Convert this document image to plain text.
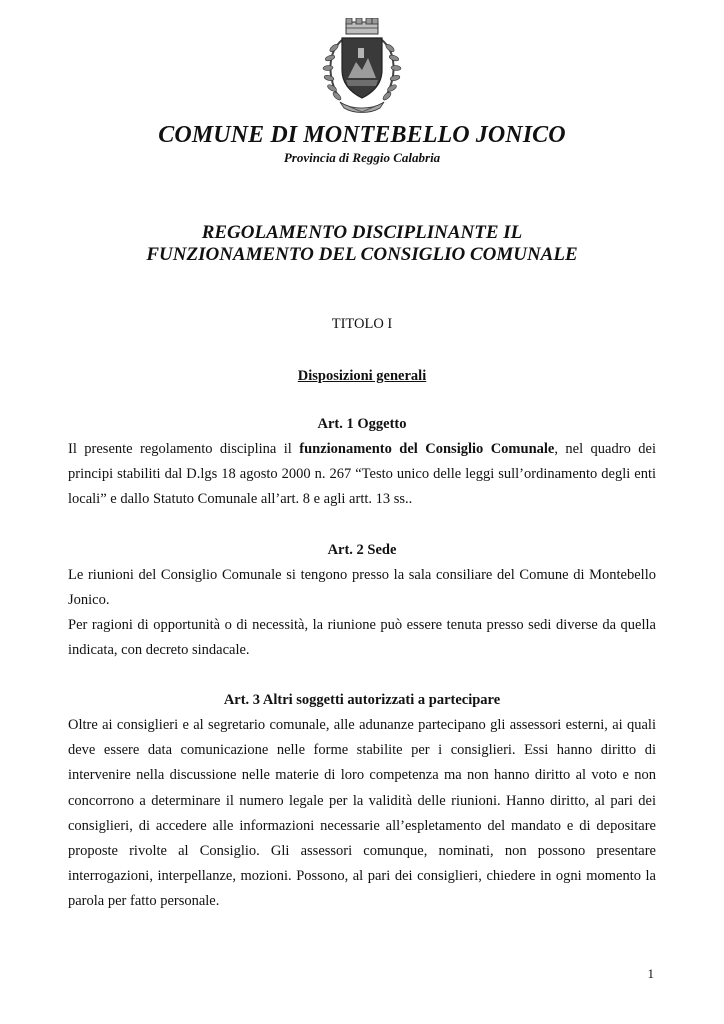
COMUNE DI MONTEBELLO JONICO
Provincia di Reggio Calabria
REGOLAMENTO DISCIPLINANTE IL
FUNZIONAMENTO DEL CONSIGLIO COMUNALE
TITOLO I
Disposizioni generali
Art. 1 Oggetto
Il presente regolamento disciplina il funzionamento del Consiglio Comunale, nel quadro dei principi stabiliti dal D.lgs 18 agosto 2000 n. 267 “Testo unico delle leggi sull’ordinamento degli enti locali” e dallo Statuto Comunale all’art. 8 e agli artt. 13 ss..
Art. 2 Sede
Le riunioni del Consiglio Comunale si tengono presso la sala consiliare del Comune di Montebello Jonico.
Per ragioni di opportunità o di necessità, la riunione può essere tenuta presso sedi diverse da quella indicata, con decreto sindacale.
Art. 3 Altri soggetti autorizzati a partecipare
Oltre ai consiglieri e al segretario comunale, alle adunanze partecipano gli assessori esterni, ai quali deve essere data comunicazione nelle forme stabilite per i consiglieri. Essi hanno diritto di intervenire nella discussione nelle materie di loro competenza ma non hanno diritto al voto e non concorrono a determinare il numero legale per la validità delle riunioni. Hanno diritto, al pari dei consiglieri, di accedere alle informazioni necessarie all’espletamento del mandato e di depositare proposte rivolte al Consiglio. Gli assessori comunque, nominati, non possono presentare interrogazioni, interpellanze, mozioni. Possono, al pari dei consiglieri, chiedere in ogni momento la parola per fatto personale.
1
